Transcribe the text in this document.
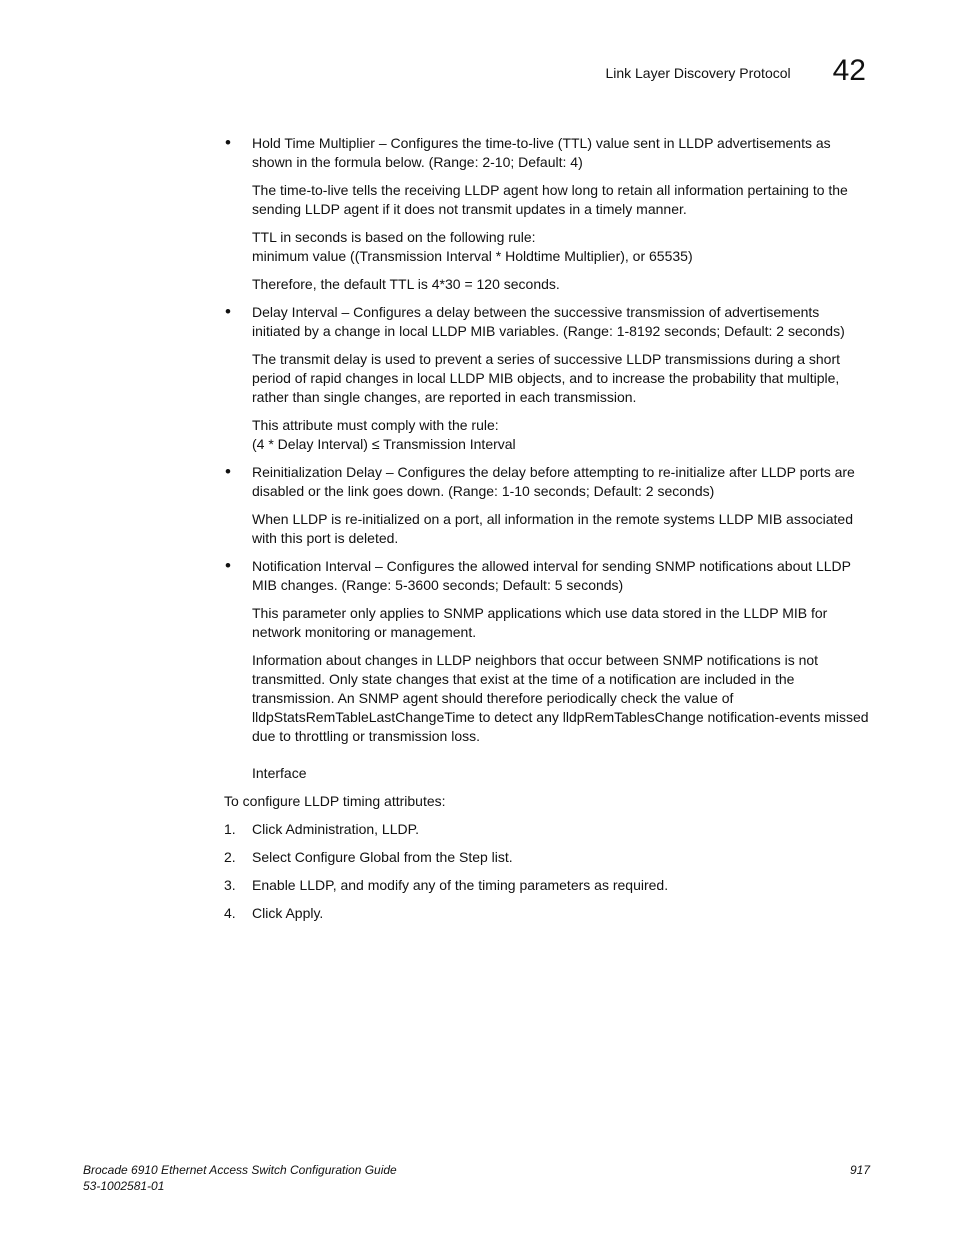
Link Layer Discovery Protocol 42
• Hold Time Multiplier – Configures the time-to-live (TTL) value sent in LLDP advertisements as shown in the formula below. (Range: 2-10; Default: 4)
The time-to-live tells the receiving LLDP agent how long to retain all information pertaining to the sending LLDP agent if it does not transmit updates in a timely manner.
TTL in seconds is based on the following rule:
minimum value ((Transmission Interval * Holdtime Multiplier), or 65535)
Therefore, the default TTL is 4*30 = 120 seconds.
• Delay Interval – Configures a delay between the successive transmission of advertisements initiated by a change in local LLDP MIB variables. (Range: 1-8192 seconds; Default: 2 seconds)
The transmit delay is used to prevent a series of successive LLDP transmissions during a short period of rapid changes in local LLDP MIB objects, and to increase the probability that multiple, rather than single changes, are reported in each transmission.
This attribute must comply with the rule:
(4 * Delay Interval) ≤ Transmission Interval
• Reinitialization Delay – Configures the delay before attempting to re-initialize after LLDP ports are disabled or the link goes down. (Range: 1-10 seconds; Default: 2 seconds)
When LLDP is re-initialized on a port, all information in the remote systems LLDP MIB associated with this port is deleted.
• Notification Interval – Configures the allowed interval for sending SNMP notifications about LLDP MIB changes. (Range: 5-3600 seconds; Default: 5 seconds)
This parameter only applies to SNMP applications which use data stored in the LLDP MIB for network monitoring or management.
Information about changes in LLDP neighbors that occur between SNMP notifications is not transmitted. Only state changes that exist at the time of a notification are included in the transmission. An SNMP agent should therefore periodically check the value of lldpStatsRemTableLastChangeTime to detect any lldpRemTablesChange notification-events missed due to throttling or transmission loss.
Interface
To configure LLDP timing attributes:
1.	Click Administration, LLDP.
2.	Select Configure Global from the Step list.
3.	Enable LLDP, and modify any of the timing parameters as required.
4.	Click Apply.
Brocade 6910 Ethernet Access Switch Configuration Guide	917
53-1002581-01
